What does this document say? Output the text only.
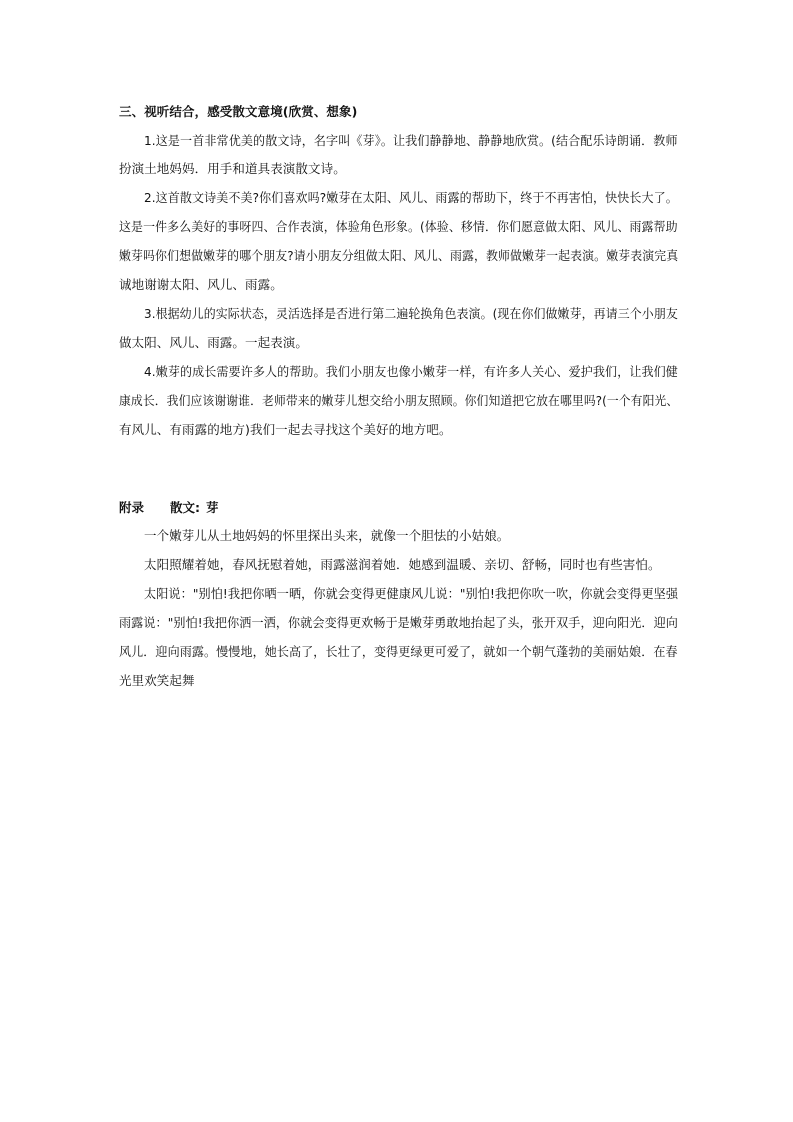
三、视听结合，感受散文意境(欣赏、想象)
1.这是一首非常优美的散文诗，名字叫《芽》。让我们静静地、静静地欣赏。(结合配乐诗朗诵．教师
扮演土地妈妈．用手和道具表演散文诗。
2.这首散文诗美不美?你们喜欢吗?嫩芽在太阳、风儿、雨露的帮助下，终于不再害怕，快快长大了。
这是一件多么美好的事呀四、合作表演，体验角色形象。(体验、移情．你们愿意做太阳、风儿、雨露帮助
嫩芽吗你们想做嫩芽的哪个朋友?请小朋友分组做太阳、风儿、雨露，教师做嫩芽一起表演。嫩芽表演完真
诚地谢谢太阳、风儿、雨露。
3.根据幼儿的实际状态，灵活选择是否进行第二遍轮换角色表演。(现在你们做嫩芽，再请三个小朋友
做太阳、风儿、雨露。一起表演。
4.嫩芽的成长需要许多人的帮助。我们小朋友也像小嫩芽一样，有许多人关心、爱护我们，让我们健
康成长．我们应该谢谢谁．老师带来的嫩芽儿想交给小朋友照顾。你们知道把它放在哪里吗?(一个有阳光、
有风儿、有雨露的地方)我们一起去寻找这个美好的地方吧。
附录 散文: 芽
一个嫩芽儿从土地妈妈的怀里探出头来，就像一个胆怯的小姑娘。
太阳照耀着她，春风抚慰着她，雨露滋润着她．她感到温暖、亲切、舒畅，同时也有些害怕。
太阳说："别怕!我把你晒一晒，你就会变得更健康风儿说："别怕!我把你吹一吹，你就会变得更坚强
雨露说："别怕!我把你洒一洒，你就会变得更欢畅于是嫩芽勇敢地抬起了头，张开双手，迎向阳光．迎向
风儿．迎向雨露。慢慢地，她长高了，长壮了，变得更绿更可爱了，就如一个朝气蓬勃的美丽姑娘．在春
光里欢笑起舞
